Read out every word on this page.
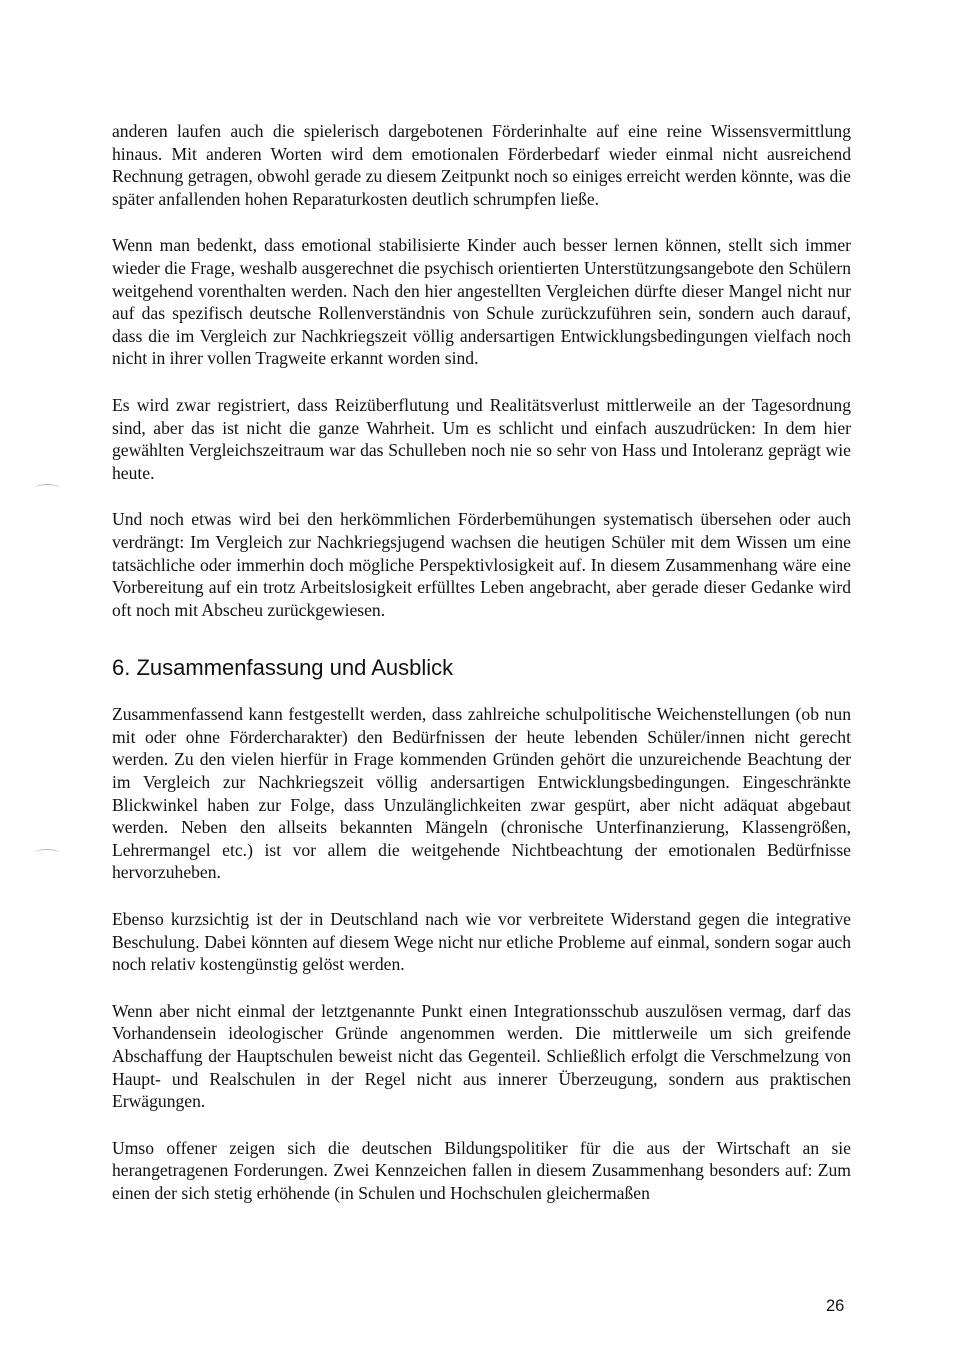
anderen laufen auch die spielerisch dargebotenen Förderinhalte auf eine reine Wissensvermittlung hinaus. Mit anderen Worten wird dem emotionalen Förderbedarf wieder einmal nicht ausreichend Rechnung getragen, obwohl gerade zu diesem Zeitpunkt noch so einiges erreicht werden könnte, was die später anfallenden hohen Reparaturkosten deutlich schrumpfen ließe.

Wenn man bedenkt, dass emotional stabilisierte Kinder auch besser lernen können, stellt sich immer wieder die Frage, weshalb ausgerechnet die psychisch orientierten Unterstützungsangebote den Schülern weitgehend vorenthalten werden. Nach den hier angestellten Vergleichen dürfte dieser Mangel nicht nur auf das spezifisch deutsche Rollenverständnis von Schule zurückzuführen sein, sondern auch darauf, dass die im Vergleich zur Nachkriegszeit völlig andersartigen Entwicklungsbedingungen vielfach noch nicht in ihrer vollen Tragweite erkannt worden sind.

Es wird zwar registriert, dass Reizüberflutung und Realitätsverlust mittlerweile an der Tagesordnung sind, aber das ist nicht die ganze Wahrheit. Um es schlicht und einfach auszudrücken: In dem hier gewählten Vergleichszeitraum war das Schulleben noch nie so sehr von Hass und Intoleranz geprägt wie heute.

Und noch etwas wird bei den herkömmlichen Förderbemühungen systematisch übersehen oder auch verdrängt: Im Vergleich zur Nachkriegsjugend wachsen die heutigen Schüler mit dem Wissen um eine tatsächliche oder immerhin doch mögliche Perspektivlosigkeit auf. In diesem Zusammenhang wäre eine Vorbereitung auf ein trotz Arbeitslosigkeit erfülltes Leben angebracht, aber gerade dieser Gedanke wird oft noch mit Abscheu zurückgewiesen.

6. Zusammenfassung und Ausblick

Zusammenfassend kann festgestellt werden, dass zahlreiche schulpolitische Weichenstellungen (ob nun mit oder ohne Fördercharakter) den Bedürfnissen der heute lebenden Schüler/innen nicht gerecht werden. Zu den vielen hierfür in Frage kommenden Gründen gehört die unzureichende Beachtung der im Vergleich zur Nachkriegszeit völlig andersartigen Entwicklungsbedingungen. Eingeschränkte Blickwinkel haben zur Folge, dass Unzulänglichkeiten zwar gespürt, aber nicht adäquat abgebaut werden. Neben den allseits bekannten Mängeln (chronische Unterfinanzierung, Klassengrößen, Lehrermangel etc.) ist vor allem die weitgehende Nichtbeachtung der emotionalen Bedürfnisse hervorzuheben.

Ebenso kurzsichtig ist der in Deutschland nach wie vor verbreitete Widerstand gegen die integrative Beschulung. Dabei könnten auf diesem Wege nicht nur etliche Probleme auf einmal, sondern sogar auch noch relativ kostengünstig gelöst werden.

Wenn aber nicht einmal der letztgenannte Punkt einen Integrationsschub auszulösen vermag, darf das Vorhandensein ideologischer Gründe angenommen werden. Die mittlerweile um sich greifende Abschaffung der Hauptschulen beweist nicht das Gegenteil. Schließlich erfolgt die Verschmelzung von Haupt- und Realschulen in der Regel nicht aus innerer Überzeugung, sondern aus praktischen Erwägungen.

Umso offener zeigen sich die deutschen Bildungspolitiker für die aus der Wirtschaft an sie herangetragenen Forderungen. Zwei Kennzeichen fallen in diesem Zusammenhang besonders auf: Zum einen der sich stetig erhöhende (in Schulen und Hochschulen gleichermaßen

26
